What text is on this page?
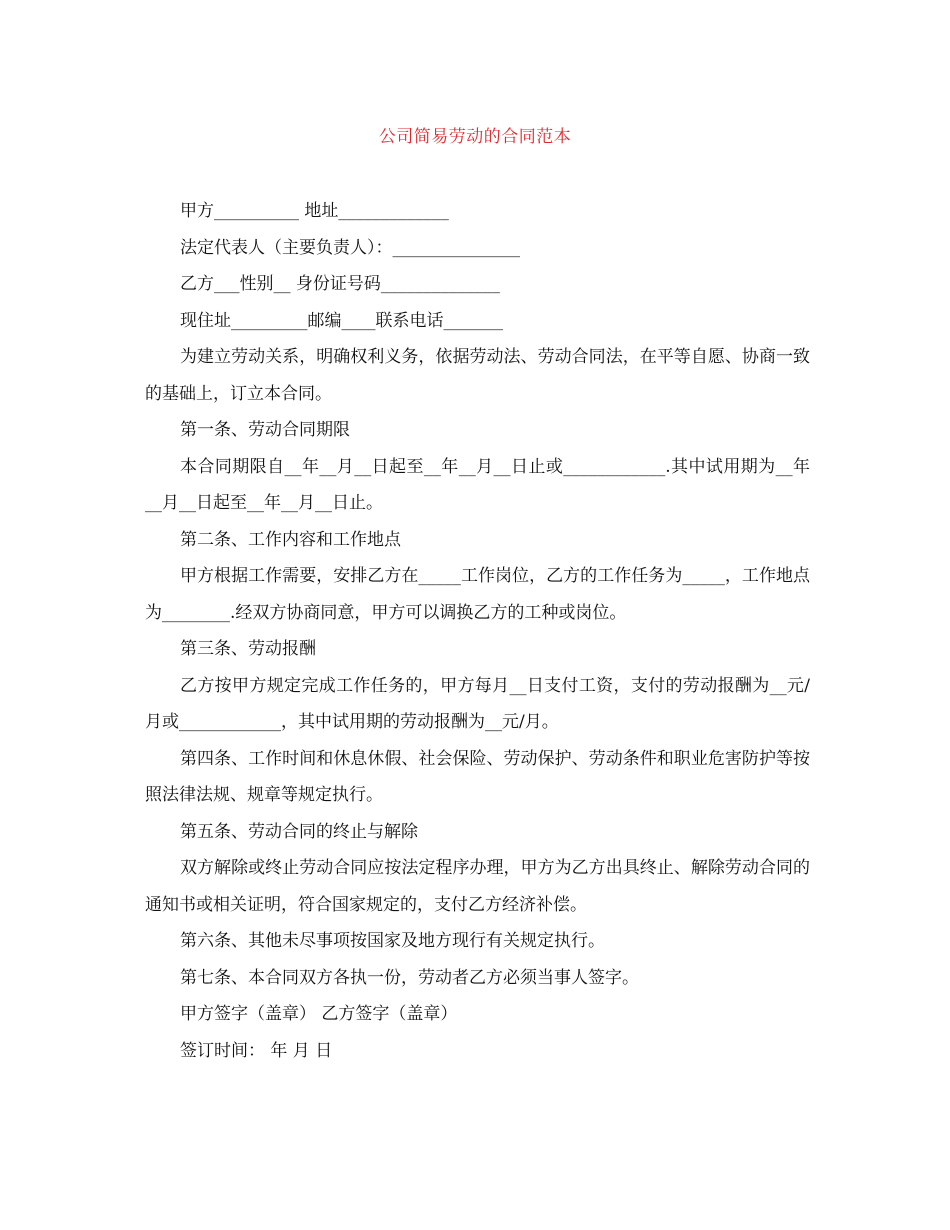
公司简易劳动的合同范本

甲方__________ 地址_____________

法定代表人（主要负责人）：_______________

乙方___性别__ 身份证号码______________

现住址_________邮编____联系电话_______

为建立劳动关系，明确权利义务，依据劳动法、劳动合同法，在平等自愿、协商一致的基础上，订立本合同。

第一条、劳动合同期限

本合同期限自__年__月__日起至__年__月__日止或____________.其中试用期为__年__月__日起至__年__月__日止。

第二条、工作内容和工作地点

甲方根据工作需要，安排乙方在_____工作岗位，乙方的工作任务为_____，工作地点为________.经双方协商同意，甲方可以调换乙方的工种或岗位。

第三条、劳动报酬

乙方按甲方规定完成工作任务的，甲方每月__日支付工资，支付的劳动报酬为__元/月或____________，其中试用期的劳动报酬为__元/月。

第四条、工作时间和休息休假、社会保险、劳动保护、劳动条件和职业危害防护等按照法律法规、规章等规定执行。

第五条、劳动合同的终止与解除

双方解除或终止劳动合同应按法定程序办理，甲方为乙方出具终止、解除劳动合同的通知书或相关证明，符合国家规定的，支付乙方经济补偿。

第六条、其他未尽事项按国家及地方现行有关规定执行。

第七条、本合同双方各执一份，劳动者乙方必须当事人签字。

甲方签字（盖章） 乙方签字（盖章）

签订时间： 年 月 日
